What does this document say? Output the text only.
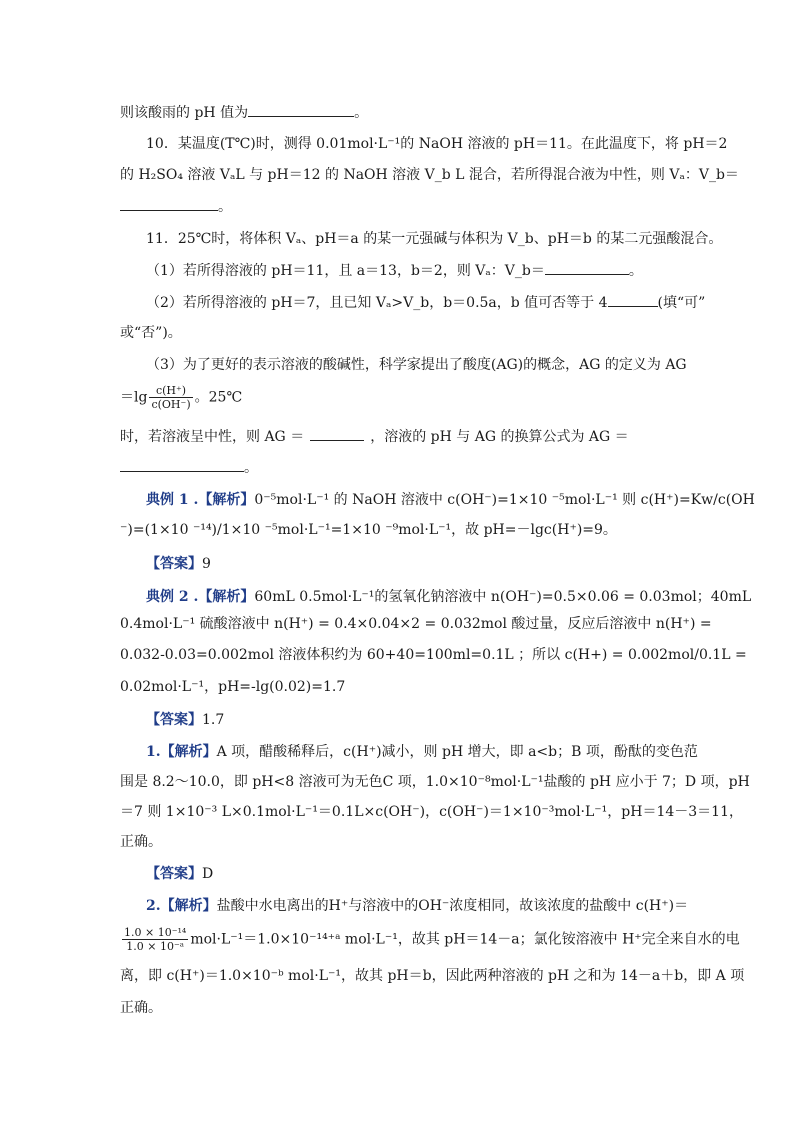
则该酸雨的 pH 值为	。
10．某温度(T℃)时，测得 0.01mol·L⁻¹的 NaOH 溶液的 pH＝11。在此温度下，将 pH＝2
的 H₂SO₄ 溶液 VₐL 与 pH＝12 的 NaOH 溶液 V_b L 混合，若所得混合液为中性，则 Vₐ：V_b＝
。
11．25℃时，将体积 Vₐ、pH＝a 的某一元强碱与体积为 V_b、pH＝b 的某二元强酸混合。
（1）若所得溶液的 pH＝11，且 a＝13，b＝2，则 Vₐ：V_b＝	。
（2）若所得溶液的 pH＝7，且已知 Vₐ>V_b，b＝0.5a，b 值可否等于 4	(填“可”
或“否”)。
（3）为了更好的表示溶液的酸碱性，科学家提出了酸度(AG)的概念，AG 的定义为 AG
$=\lg \frac{c(H^+)}{c(OH^-)}$ 。25℃
时，若溶液呈中性，则 AG ＝	，溶液的 pH 与 AG 的换算公式为 AG ＝
。
典例 1 .【解析】0⁻⁵mol·L⁻¹ 的 NaOH 溶液中 c(OH⁻)=1×10 ⁻⁵mol·L⁻¹ 则 c(H⁺)=Kw/c(OH
⁻)=(1×10 ⁻¹⁴)/1×10 ⁻⁵mol·L⁻¹=1×10 ⁻⁹mol·L⁻¹，故 pH=－lgc(H⁺)=9。
【答案】9
典例 2 .【解析】60mL 0.5mol·L⁻¹的氢氧化钠溶液中 n(OH⁻)=0.5×0.06 = 0.03mol；40mL
0.4mol·L⁻¹ 硫酸溶液中 n(H⁺) = 0.4×0.04×2 = 0.032mol 酸过量，反应后溶液中 n(H⁺) =
0.032-0.03=0.002mol 溶液体积约为 60+40=100ml=0.1L ；所以 c(H+) = 0.002mol/0.1L =
0.02mol·L⁻¹，pH=-lg(0.02)=1.7
【答案】1.7
1.【解析】A 项，醋酸稀释后，c(H⁺)减小，则 pH 增大，即 a<b；B 项，酚酞的变色范
围是 8.2～10.0，即 pH<8 溶液可为无色C 项，1.0×10⁻⁸mol·L⁻¹盐酸的 pH 应小于 7；D 项，pH
＝7 则 1×10⁻³ L×0.1mol·L⁻¹＝0.1L×c(OH⁻)，c(OH⁻)＝1×10⁻³mol·L⁻¹，pH＝14－3＝11，
正确。
【答案】D
2.【解析】盐酸中水电离出的H⁺与溶液中的OH⁻浓度相同，故该浓度的盐酸中 c(H⁺)＝
$\frac{\text{1.0 × 10⁻¹⁴}}{\text{1.0 × 10⁻ᵃ}}$ mol·L⁻¹＝1.0×10⁻¹⁴⁺ᵃ mol·L⁻¹，故其 pH＝14－a；氯化铵溶液中 H⁺完全来自水的电
离，即 c(H⁺)＝1.0×10⁻ᵇ mol·L⁻¹，故其 pH＝b，因此两种溶液的 pH 之和为 14－a＋b，即 A 项
正确。
